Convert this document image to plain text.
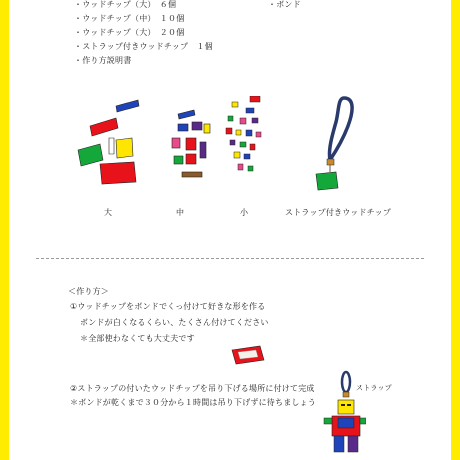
・ウッドチップ（大）　６個
・ウッドチップ（中）　１０個
・ウッドチップ（大）　２０個
・ストラップ付きウッドチップ　１個
・作り方説明書
・ボンド
大	中	小	ストラップ付きウッドチップ
＜作り方＞
①ウッドチップをボンドでくっ付けて好きな形を作る
ボンドが白くなるくらい、たくさん付けてください
＊全部使わなくても大丈夫です
②ストラップの付いたウッドチップを吊り下げる場所に付けて完成
＊ボンドが乾くまで３０分から１時間は吊り下げずに待ちましょう
ストラップ
